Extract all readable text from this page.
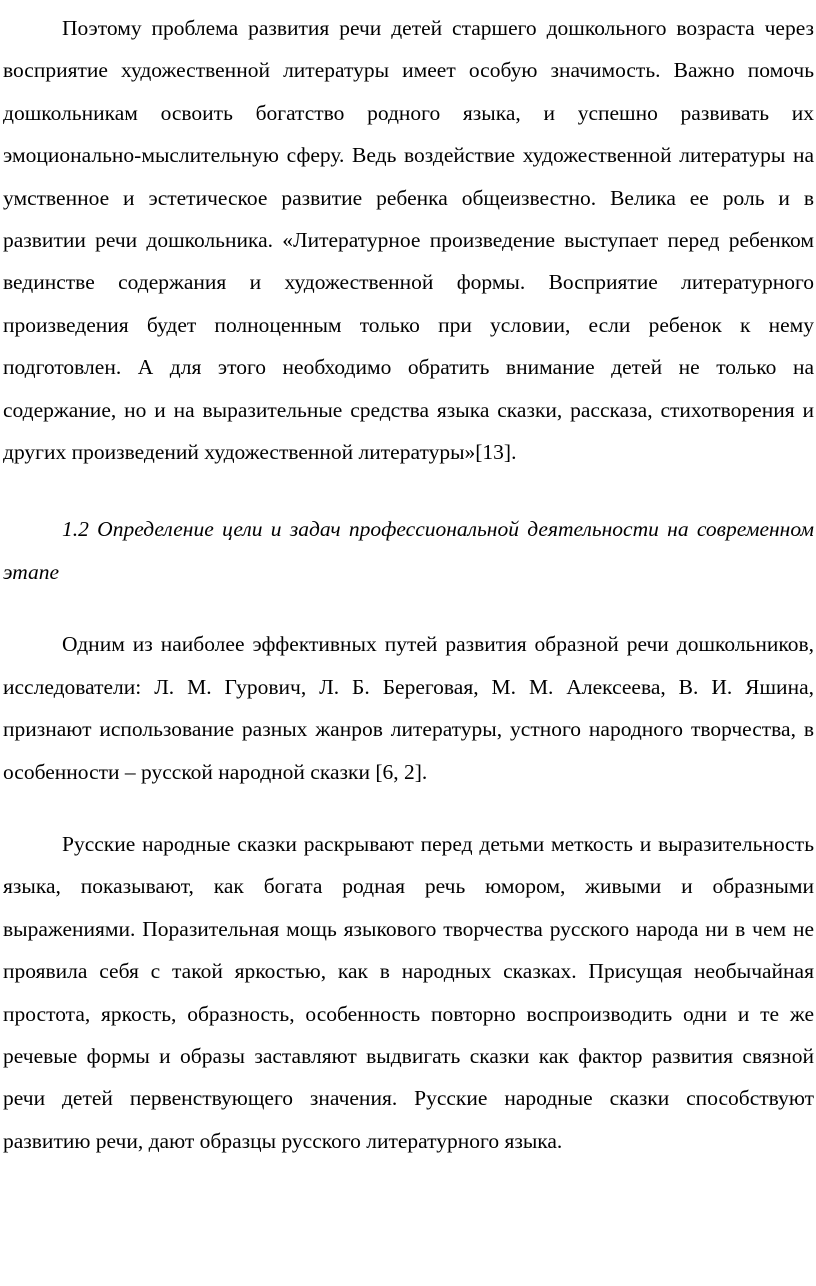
Поэтому проблема развития речи детей старшего дошкольного возраста через восприятие художественной литературы имеет особую значимость. Важно помочь дошкольникам освоить богатство родного языка, и успешно развивать их эмоционально-мыслительную сферу. Ведь воздействие художественной литературы на умственное и эстетическое развитие ребенка общеизвестно. Велика ее роль и в развитии речи дошкольника. «Литературное произведение выступает перед ребенком вединстве содержания и художественной формы. Восприятие литературного произведения будет полноценным только при условии, если ребенок к нему подготовлен. А для этого необходимо обратить внимание детей не только на содержание, но и на выразительные средства языка сказки, рассказа, стихотворения и других произведений художественной литературы»[13].

1.2 Определение цели и задач профессиональной деятельности на современном этапе

Одним из наиболее эффективных путей развития образной речи дошкольников, исследователи: Л. М. Гурович, Л. Б. Береговая, М. М. Алексеева, В. И. Яшина, признают использование разных жанров литературы, устного народного творчества, в особенности – русской народной сказки [6, 2].

Русские народные сказки раскрывают перед детьми меткость и выразительность языка, показывают, как богата родная речь юмором, живыми и образными выражениями. Поразительная мощь языкового творчества русского народа ни в чем не проявила себя с такой яркостью, как в народных сказках. Присущая необычайная простота, яркость, образность, особенность повторно воспроизводить одни и те же речевые формы и образы заставляют выдвигать сказки как фактор развития связной речи детей первенствующего значения. Русские народные сказки способствуют развитию речи, дают образцы русского литературного языка.
